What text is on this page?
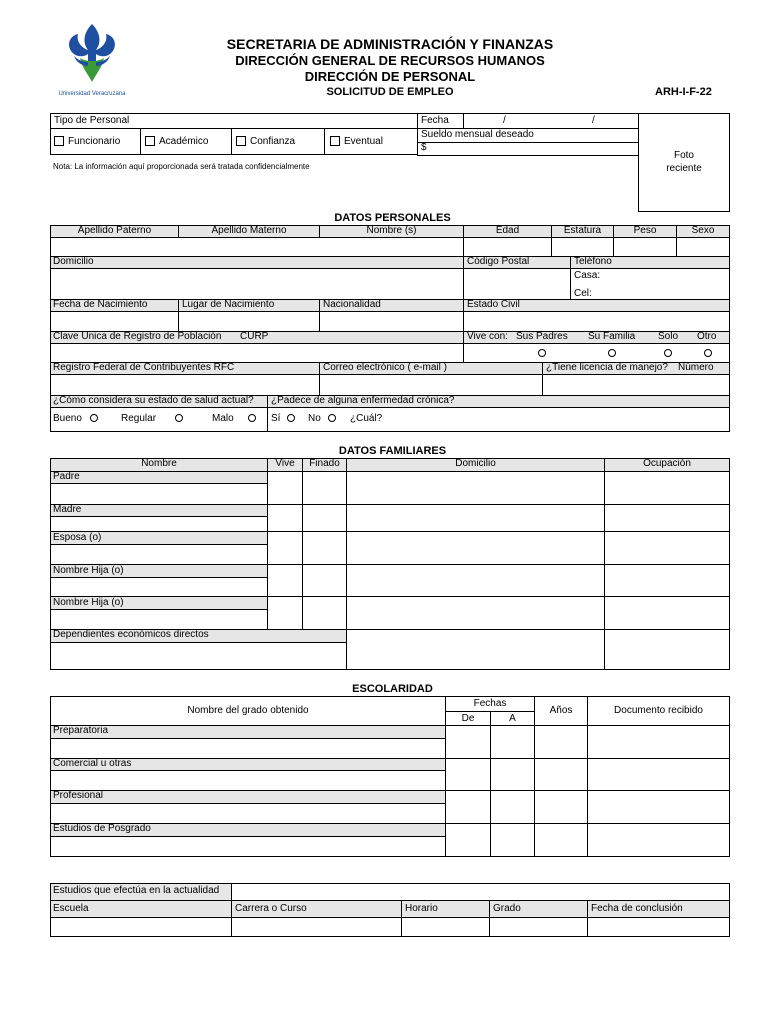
Universidad Veracruzana
SECRETARIA DE ADMINISTRACIÓN Y FINANZAS
DIRECCIÓN GENERAL DE RECURSOS HUMANOS
DIRECCIÓN DE PERSONAL
SOLICITUD DE EMPLEO	ARH-I-F-22
Tipo de Personal
Funcionario	Académico	Confianza	Eventual
Fecha	/	/
Sueldo mensual deseado
$
Foto
reciente
Nota: La información aquí proporcionada será tratada confidencialmente
DATOS PERSONALES
Apellido Paterno	Apellido Materno	Nombre (s)	Edad	Estatura	Peso	Sexo
Domicilio	Código Postal	Teléfono
Casa:
Cel:
Fecha de Nacimiento	Lugar de Nacimiento	Nacionalidad	Estado Civil
Clave Unica de Registro de Población CURP	Vive con: Sus Padres Su Familia Solo Otro
Registro Federal de Contribuyentes RFC	Correo electrónico ( e-mail )	¿Tiene licencia de manejo? Número
¿Cómo considera su estado de salud actual? ¿Padece de alguna enfermedad crónica?
Bueno	Regular	Malo	Sí	No	¿Cuál?
DATOS FAMILIARES
Nombre	Vive	Finado	Domicilio	Ocupación
Padre
Madre
Esposa (o)
Nombre Hija (o)
Nombre Hija (o)
Dependientes económicos directos
ESCOLARIDAD
Nombre del grado obtenido
Fechas
De	A
Años	Documento recibido
Preparatoria
Comercial u otras
Profesional
Estudios de Posgrado
Estudios que efectúa en la actualidad
Escuela	Carrera o Curso	Horario	Grado	Fecha de conclusión
